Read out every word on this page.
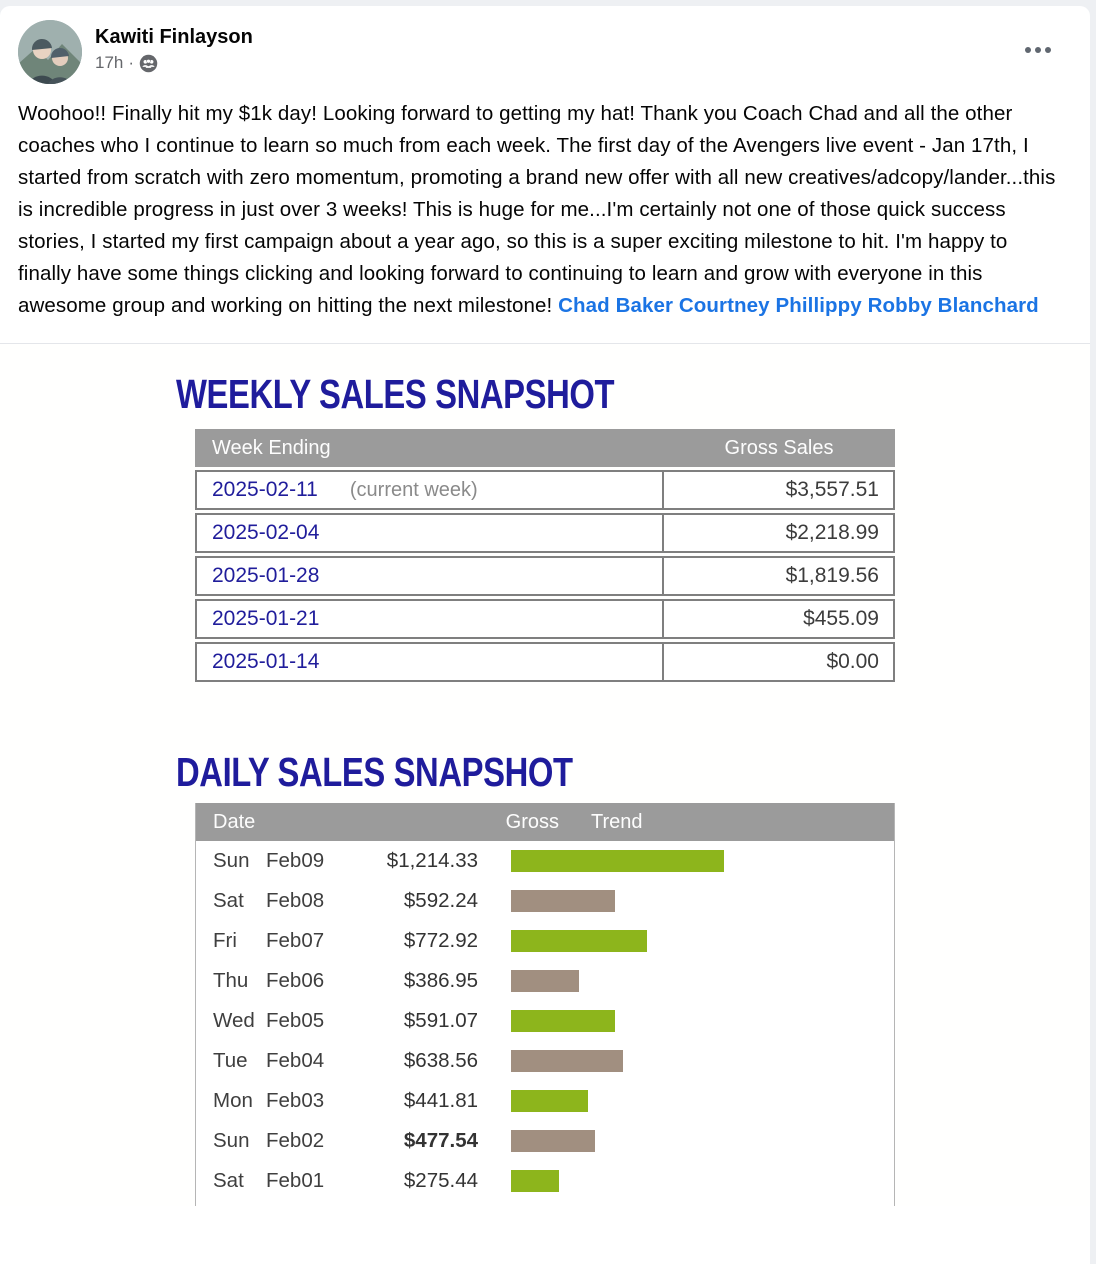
Kawiti Finlayson
17h ·
Woohoo!! Finally hit my $1k day! Looking forward to getting my hat! Thank you Coach Chad and all the other coaches who I continue to learn so much from each week. The first day of the Avengers live event - Jan 17th, I started from scratch with zero momentum, promoting a brand new offer with all new creatives/adcopy/lander...this is incredible progress in just over 3 weeks! This is huge for me...I'm certainly not one of those quick success stories, I started my first campaign about a year ago, so this is a super exciting milestone to hit. I'm happy to finally have some things clicking and looking forward to continuing to learn and grow with everyone in this awesome group and working on hitting the next milestone! Chad Baker Courtney Phillippy Robby Blanchard
WEEKLY SALES SNAPSHOT
Week Ending	Gross Sales
2025-02-11 (current week)	$3,557.51
2025-02-04	$2,218.99
2025-01-28	$1,819.56
2025-01-21	$455.09
2025-01-14	$0.00
DAILY SALES SNAPSHOT
Date	Gross Trend
Sun Feb09	$1,214.33
Sat	Feb08	$592.24
Fri	Feb07	$772.92
Thu Feb06	$386.95
Wed Feb05	$591.07
Tue Feb04	$638.56
Mon Feb03	$441.81
Sun Feb02	$477.54
Sat	Feb01	$275.44
